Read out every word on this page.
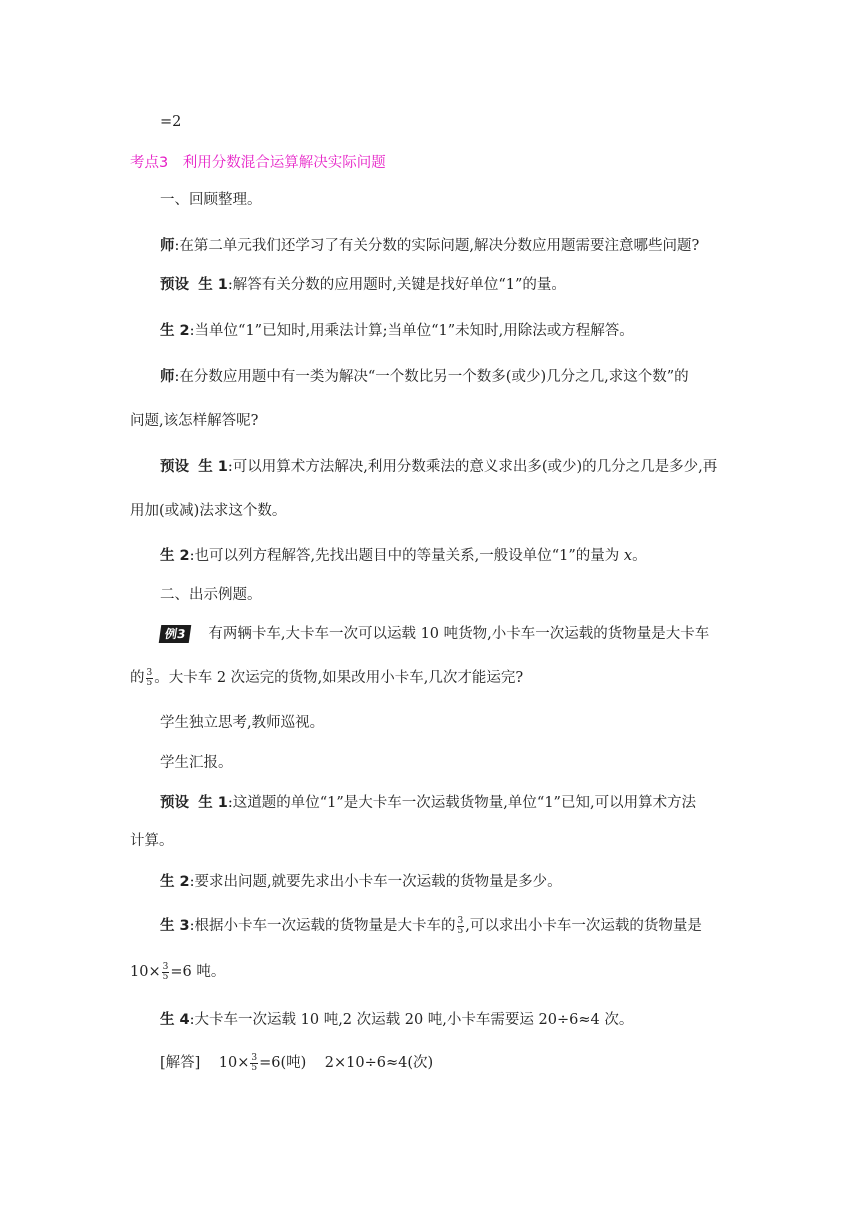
=2
考点3　利用分数混合运算解决实际问题
一、回顾整理。
师:在第二单元我们还学习了有关分数的实际问题,解决分数应用题需要注意哪些问题?
预设 生 1:解答有关分数的应用题时,关键是找好单位“1”的量。
生 2:当单位“1”已知时,用乘法计算;当单位“1”未知时,用除法或方程解答。
师:在分数应用题中有一类为解决“一个数比另一个数多(或少)几分之几,求这个数”的
问题,该怎样解答呢?
预设 生 1:可以用算术方法解决,利用分数乘法的意义求出多(或少)的几分之几是多少,再
用加(或减)法求这个数。
生 2:也可以列方程解答,先找出题目中的等量关系,一般设单位“1”的量为 x。
二、出示例题。
例3 有两辆卡车,大卡车一次可以运载 10 吨货物,小卡车一次运载的货物量是大卡车
的 $\frac{3}{5}$ 。大卡车 2 次运完的货物,如果改用小卡车,几次才能运完?
学生独立思考,教师巡视。
学生汇报。
预设 生 1:这道题的单位“1”是大卡车一次运载货物量,单位“1”已知,可以用算术方法
计算。
生 2:要求出问题,就要先求出小卡车一次运载的货物量是多少。
生 3:根据小卡车一次运载的货物量是大卡车的 $\frac{3}{5}$ ,可以求出小卡车一次运载的货物量是
$10\times \frac{3}{5} =6$ 吨。
生 4:大卡车一次运载 10 吨,2 次运载 20 吨,小卡车需要运 20÷6≈4 次。
[解答] $10\times \frac{3}{5} =6$(吨) 2×10÷6≈4(次)
